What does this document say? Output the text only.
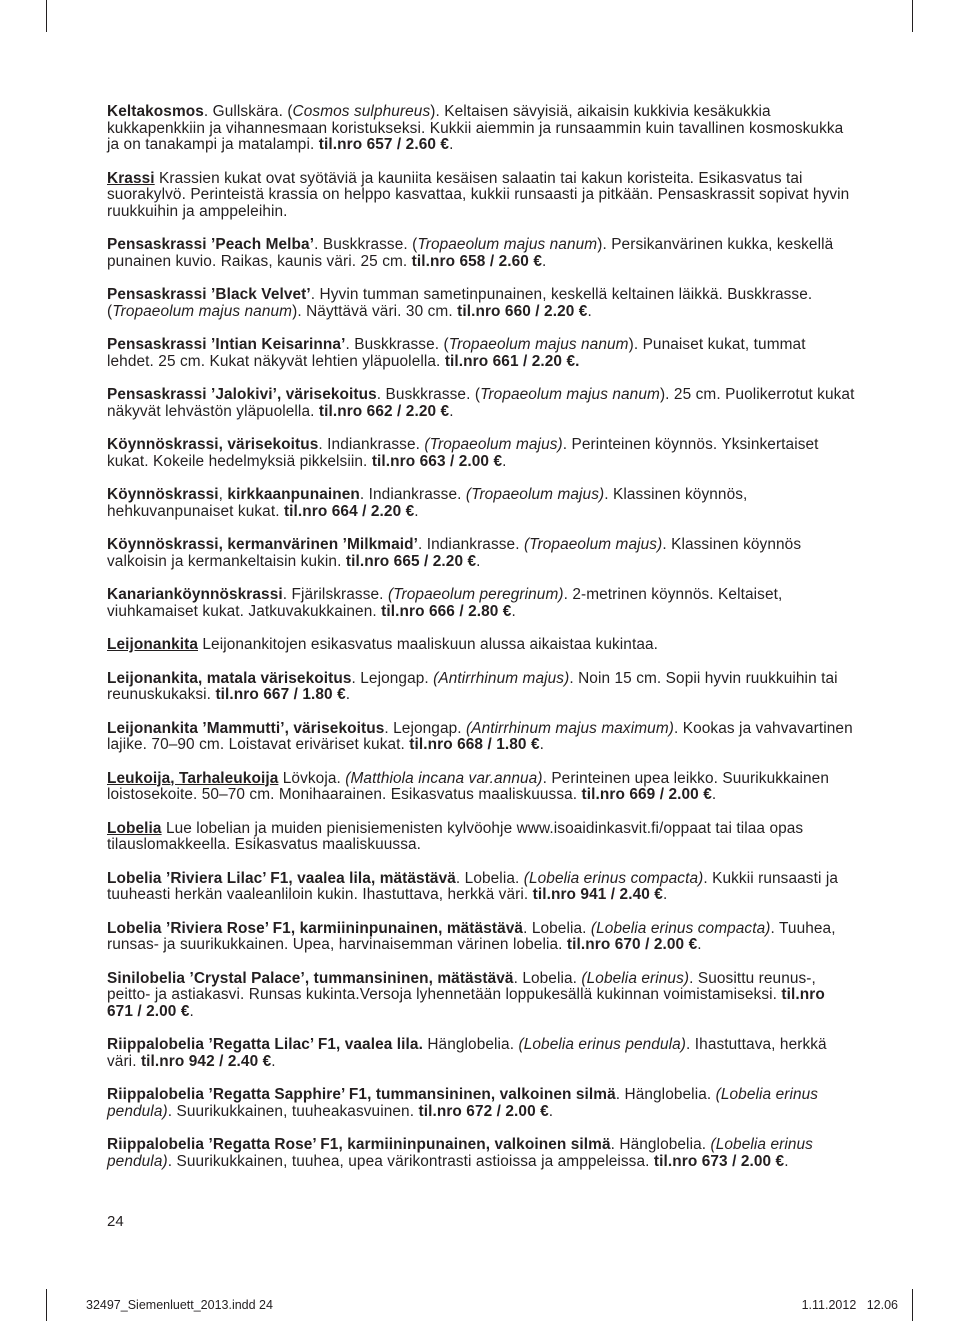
Keltakosmos. Gullskära. (Cosmos sulphureus). Keltaisen sävyisiä, aikaisin kukkivia kesäkukkia kukkapenkkiin ja vihannesmaan koristukseksi. Kukkii aiemmin ja runsaammin kuin tavallinen kosmoskukka ja on tanakampi ja matalampi. til.nro 657 / 2.60 €.

Krassi Krassien kukat ovat syötäviä ja kauniita kesäisen salaatin tai kakun koristeita. Esikasvatus tai suorakylvö. Perinteistä krassia on helppo kasvattaa, kukkii runsaasti ja pitkään. Pensaskrassit sopivat hyvin ruukkuihin ja amppeleihin.

Pensaskrassi ’Peach Melba’. Buskkrasse. (Tropaeolum majus nanum). Persikanvärinen kukka, keskellä punainen kuvio. Raikas, kaunis väri. 25 cm. til.nro 658 / 2.60 €.

Pensaskrassi ’Black Velvet’. Hyvin tumman sametinpunainen, keskellä keltainen läikkä. Buskkrasse. (Tropaeolum majus nanum). Näyttävä väri. 30 cm. til.nro 660 / 2.20 €.

Pensaskrassi ’Intian Keisarinna’. Buskkrasse. (Tropaeolum majus nanum). Punaiset kukat, tummat lehdet. 25 cm. Kukat näkyvät lehtien yläpuolella. til.nro 661 / 2.20 €.

Pensaskrassi ’Jalokivi’, värisekoitus. Buskkrasse. (Tropaeolum majus nanum). 25 cm. Puolikerrotut kukat näkyvät lehvästön yläpuolella. til.nro 662 / 2.20 €.

Köynnöskrassi, värisekoitus. Indiankrasse. (Tropaeolum majus). Perinteinen köynnös. Yksinkertaiset kukat. Kokeile hedelmyksiä pikkelsiin. til.nro 663 / 2.00 €.

Köynnöskrassi, kirkkaanpunainen. Indiankrasse. (Tropaeolum majus). Klassinen köynnös, hehkuvanpunaiset kukat. til.nro 664 / 2.20 €.

Köynnöskrassi, kermanvärinen ’Milkmaid’. Indiankrasse. (Tropaeolum majus). Klassinen köynnös valkoisin ja kermankeltaisin kukin. til.nro 665 / 2.20 €.

Kanarianköynnöskrassi. Fjärilskrasse. (Tropaeolum peregrinum). 2-metrinen köynnös. Keltaiset, viuhkamaiset kukat. Jatkuvakukkainen. til.nro 666 / 2.80 €.

Leijonankita Leijonankitojen esikasvatus maaliskuun alussa aikaistaa kukintaa.

Leijonankita, matala värisekoitus. Lejongap. (Antirrhinum majus). Noin 15 cm. Sopii hyvin ruukkuihin tai reunuskukaksi. til.nro 667 / 1.80 €.

Leijonankita ’Mammutti’, värisekoitus. Lejongap. (Antirrhinum majus maximum). Kookas ja vahvavartinen lajike. 70–90 cm. Loistavat eriväriset kukat. til.nro 668 / 1.80 €.

Leukoija, Tarhaleukoija Lövkoja. (Matthiola incana var.annua). Perinteinen upea leikko. Suurikukkainen loistosekoite. 50–70 cm. Monihaarainen. Esikasvatus maaliskuussa. til.nro 669 / 2.00 €.

Lobelia Lue lobelian ja muiden pienisiemenisten kylvöohje www.isoaidinkasvit.fi/oppaat tai tilaa opas tilauslomakkeella. Esikasvatus maaliskuussa.

Lobelia ’Riviera Lilac’ F1, vaalea lila, mätästävä. Lobelia. (Lobelia erinus compacta). Kukkii runsaasti ja tuuheasti herkän vaaleanliloin kukin. Ihastuttava, herkkä väri. til.nro 941 / 2.40 €.

Lobelia ’Riviera Rose’ F1, karmiininpunainen, mätästävä. Lobelia. (Lobelia erinus compacta). Tuuhea, runsas- ja suurikukkainen. Upea, harvinaisemman värinen lobelia. til.nro 670 / 2.00 €.

Sinilobelia ’Crystal Palace’, tummansininen, mätästävä. Lobelia. (Lobelia erinus). Suosittu reunus-, peitto- ja astiakasvi. Runsas kukinta.Versoja lyhennetään loppukesällä kukinnan voimistamiseksi. til.nro 671 / 2.00 €.

Riippalobelia ’Regatta Lilac’ F1, vaalea lila. Hänglobelia. (Lobelia erinus pendula). Ihastuttava, herkkä väri. til.nro 942 / 2.40 €.

Riippalobelia ’Regatta Sapphire’ F1, tummansininen, valkoinen silmä. Hänglobelia. (Lobelia erinus pendula). Suurikukkainen, tuuheakasvuinen. til.nro 672 / 2.00 €.

Riippalobelia ’Regatta Rose’ F1, karmiininpunainen, valkoinen silmä. Hänglobelia. (Lobelia erinus pendula). Suurikukkainen, tuuhea, upea värikontrasti astioissa ja amppeleissa. til.nro 673 / 2.00 €.

24
32497_Siemenluett_2013.indd 24	1.11.2012   12.06
